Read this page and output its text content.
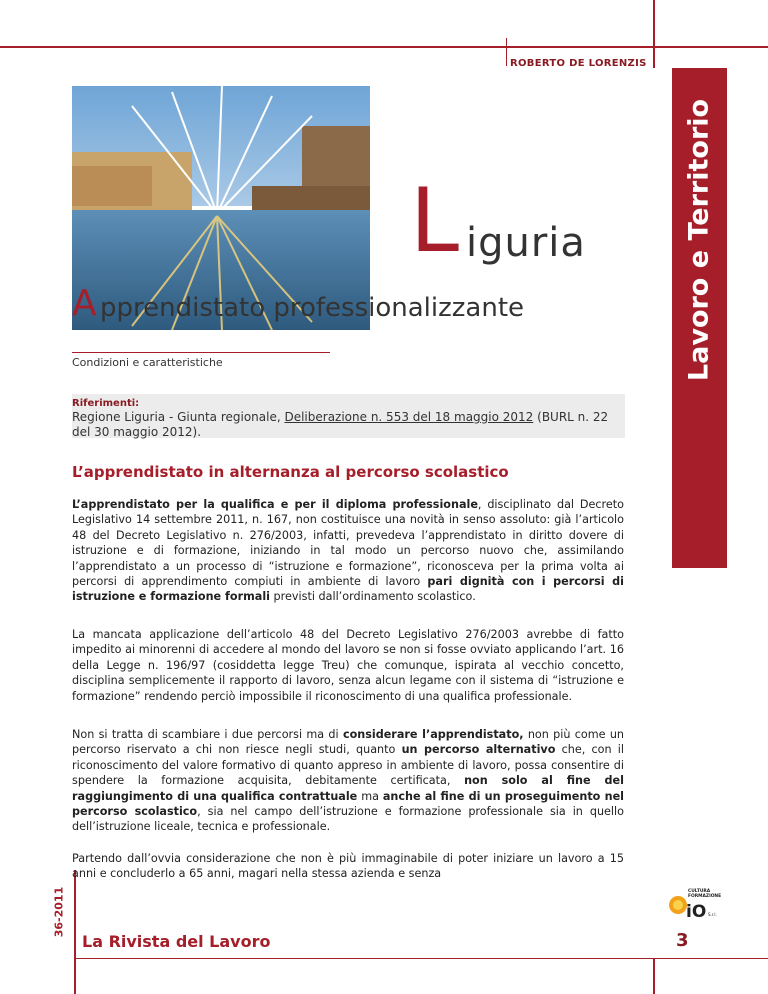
Lavoro e Territorio
ROBERTO DE LORENZIS
L iguria
A pprendistato professionalizzante
Condizioni e caratteristiche
Riferimenti:
Regione Liguria - Giunta regionale, Deliberazione n. 553 del 18 maggio 2012 (BURL n. 22 del 30 maggio 2012).
L’apprendistato in alternanza al percorso scolastico
L’apprendistato per la qualifica e per il diploma professionale, disciplinato dal Decreto Legislativo 14 settembre 2011, n. 167, non costituisce una novità in senso assoluto: già l’articolo 48 del Decreto Legislativo n. 276/2003, infatti, prevedeva l’apprendistato in diritto dovere di istruzione e di formazione, iniziando in tal modo un percorso nuovo che, assimilando l’apprendistato a un processo di “istruzione e formazione”, riconosceva per la prima volta ai percorsi di apprendimento compiuti in ambiente di lavoro pari dignità con i percorsi di istruzione e formazione formali previsti dall’ordinamento scolastico.
La mancata applicazione dell’articolo 48 del Decreto Legislativo 276/2003 avrebbe di fatto impedito ai minorenni di accedere al mondo del lavoro se non si fosse ovviato applicando l’art. 16 della Legge n. 196/97 (cosiddetta legge Treu) che comunque, ispirata al vecchio concetto, disciplina semplicemente il rapporto di lavoro, senza alcun legame con il sistema di “istruzione e formazione” rendendo perciò impossibile il riconoscimento di una qualifica professionale.
Non si tratta di scambiare i due percorsi ma di considerare l’apprendistato, non più come un percorso riservato a chi non riesce negli studi, quanto un percorso alternativo che, con il riconoscimento del valore formativo di quanto appreso in ambiente di lavoro, possa consentire di spendere la formazione acquisita, debitamente certificata, non solo al fine del raggiungimento di una qualifica contrattuale ma anche al fine di un proseguimento nel percorso scolastico, sia nel campo dell’istruzione e formazione professionale sia in quello dell’istruzione liceale, tecnica e professionale.
Partendo dall’ovvia considerazione che non è più immaginabile di poter iniziare un lavoro a 15 anni e concluderlo a 65 anni, magari nella stessa azienda e senza
36-2011
La Rivista del Lavoro	3
CULTURA
FORMAZIONE
iO S.r.l.
